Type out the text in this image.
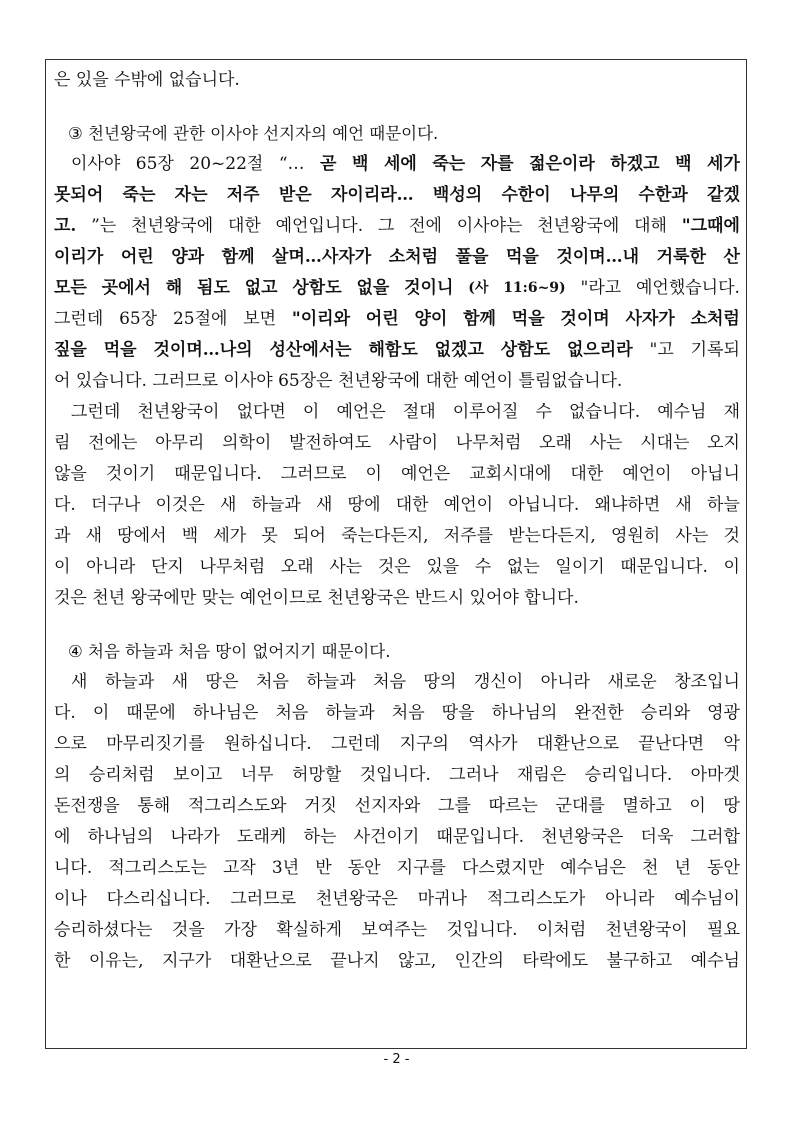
은 있을 수밖에 없습니다.
③ 천년왕국에 관한 이사야 선지자의 예언 때문이다.
이사야 65장 20~22절 “… 곧 백 세에 죽는 자를 젊은이라 하겠고 백 세가
못되어 죽는 자는 저주 받은 자이리라… 백성의 수한이 나무의 수한과 같겠
고. ”는 천년왕국에 대한 예언입니다. 그 전에 이사야는 천년왕국에 대해 "그때에
이리가 어린 양과 함께 살며…사자가 소처럼 풀을 먹을 것이며…내 거룩한 산
모든 곳에서 해 됨도 없고 상함도 없을 것이니 (사 11:6~9) "라고 예언했습니다.
그런데 65장 25절에 보면 "이리와 어린 양이 함께 먹을 것이며 사자가 소처럼
짚을 먹을 것이며…나의 성산에서는 해함도 없겠고 상함도 없으리라 "고 기록되
어 있습니다. 그러므로 이사야 65장은 천년왕국에 대한 예언이 틀림없습니다.
그런데 천년왕국이 없다면 이 예언은 절대 이루어질 수 없습니다. 예수님 재
림 전에는 아무리 의학이 발전하여도 사람이 나무처럼 오래 사는 시대는 오지
않을 것이기 때문입니다. 그러므로 이 예언은 교회시대에 대한 예언이 아닙니
다. 더구나 이것은 새 하늘과 새 땅에 대한 예언이 아닙니다. 왜냐하면 새 하늘
과 새 땅에서 백 세가 못 되어 죽는다든지, 저주를 받는다든지, 영원히 사는 것
이 아니라 단지 나무처럼 오래 사는 것은 있을 수 없는 일이기 때문입니다. 이
것은 천년 왕국에만 맞는 예언이므로 천년왕국은 반드시 있어야 합니다.
④ 처음 하늘과 처음 땅이 없어지기 때문이다.
새 하늘과 새 땅은 처음 하늘과 처음 땅의 갱신이 아니라 새로운 창조입니
다. 이 때문에 하나님은 처음 하늘과 처음 땅을 하나님의 완전한 승리와 영광
으로 마무리짓기를 원하십니다. 그런데 지구의 역사가 대환난으로 끝난다면 악
의 승리처럼 보이고 너무 허망할 것입니다. 그러나 재림은 승리입니다. 아마겟
돈전쟁을 통해 적그리스도와 거짓 선지자와 그를 따르는 군대를 멸하고 이 땅
에 하나님의 나라가 도래케 하는 사건이기 때문입니다. 천년왕국은 더욱 그러합
니다. 적그리스도는 고작 3년 반 동안 지구를 다스렸지만 예수님은 천 년 동안
이나 다스리십니다. 그러므로 천년왕국은 마귀나 적그리스도가 아니라 예수님이
승리하셨다는 것을 가장 확실하게 보여주는 것입니다. 이처럼 천년왕국이 필요
한 이유는, 지구가 대환난으로 끝나지 않고, 인간의 타락에도 불구하고 예수님
- 2 -
